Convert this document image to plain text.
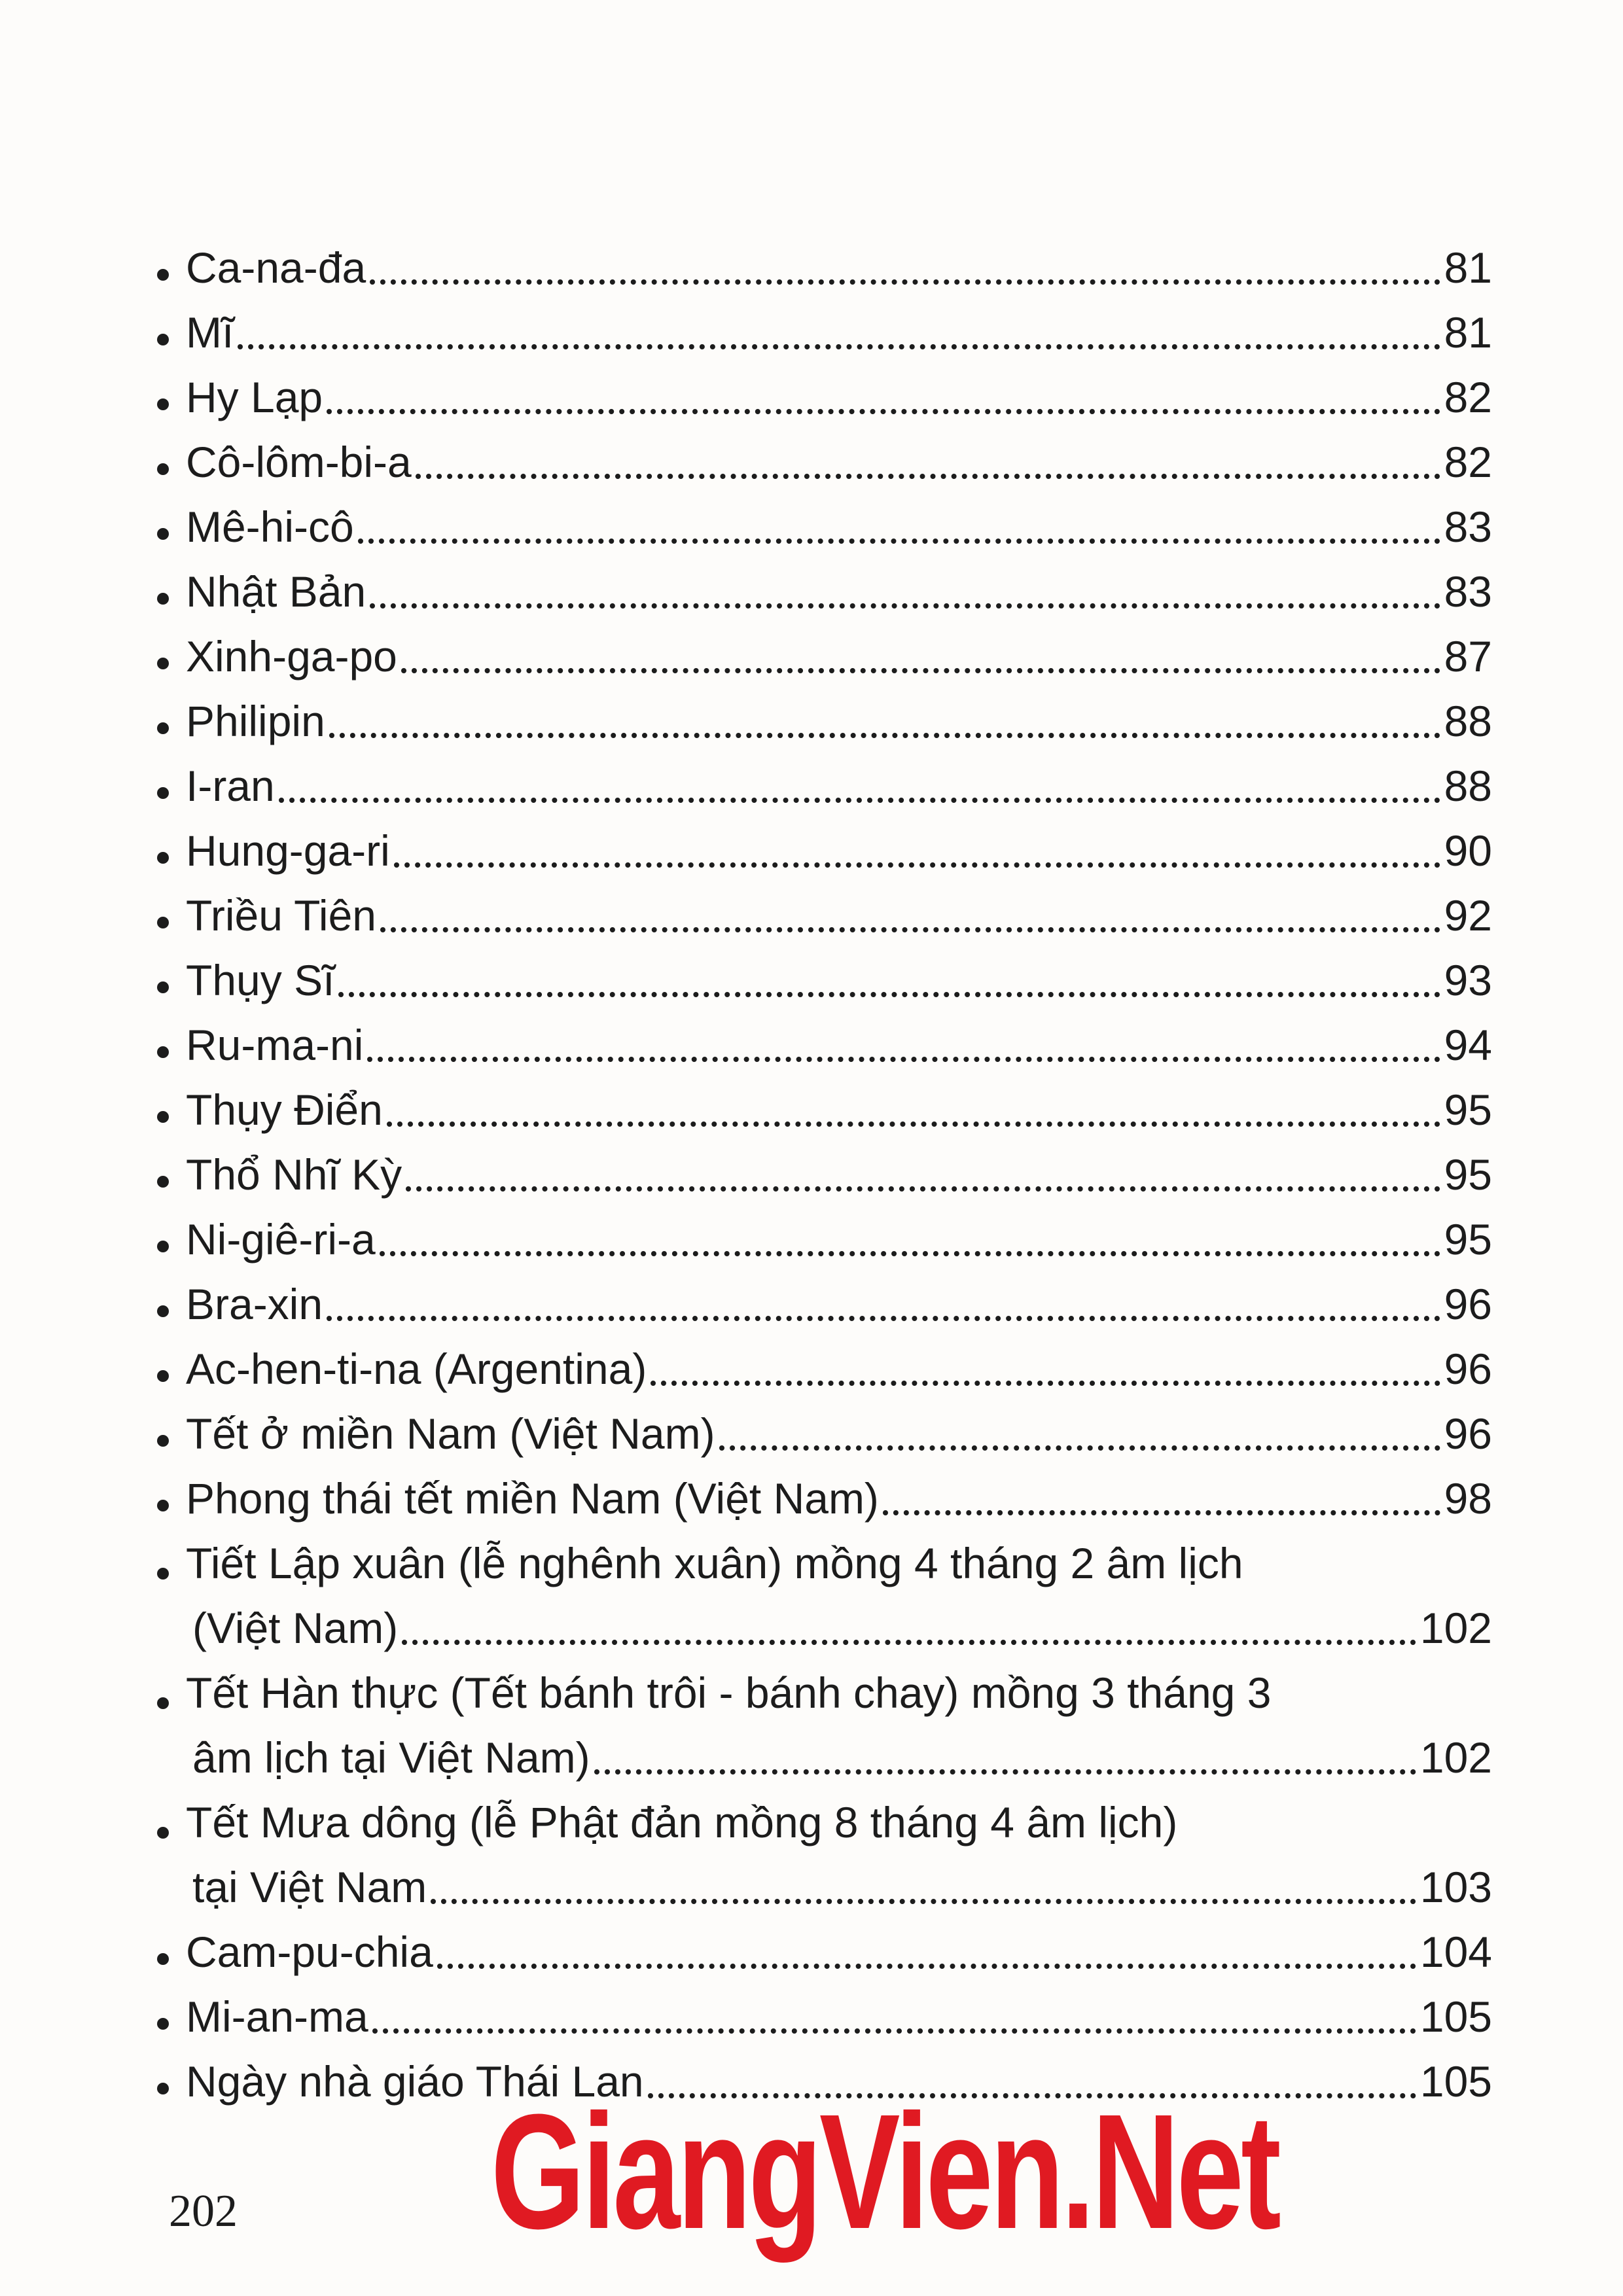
Ca-na-đa	81
Mĩ	81
Hy Lạp	82
Cô-lôm-bi-a	82
Mê-hi-cô	83
Nhật Bản	83
Xinh-ga-po	87
Philipin	88
I-ran	88
Hung-ga-ri	90
Triều Tiên	92
Thụy Sĩ	93
Ru-ma-ni	94
Thụy Điển	95
Thổ Nhĩ Kỳ	95
Ni-giê-ri-a	95
Bra-xin	96
Ac-hen-ti-na (Argentina)	96
Tết ở miền Nam (Việt Nam)	96
Phong thái tết miền Nam (Việt Nam)	98
Tiết Lập xuân (lễ nghênh xuân) mồng 4 tháng 2 âm lịch
(Việt Nam)	102
Tết Hàn thực (Tết bánh trôi - bánh chay) mồng 3 tháng 3
âm lịch tại Việt Nam)	102
Tết Mưa dông (lễ Phật đản mồng 8 tháng 4 âm lịch)
tại Việt Nam	103
Cam-pu-chia	104
Mi-an-ma	105
Ngày nhà giáo Thái Lan	105
202 GiangVien.Net
